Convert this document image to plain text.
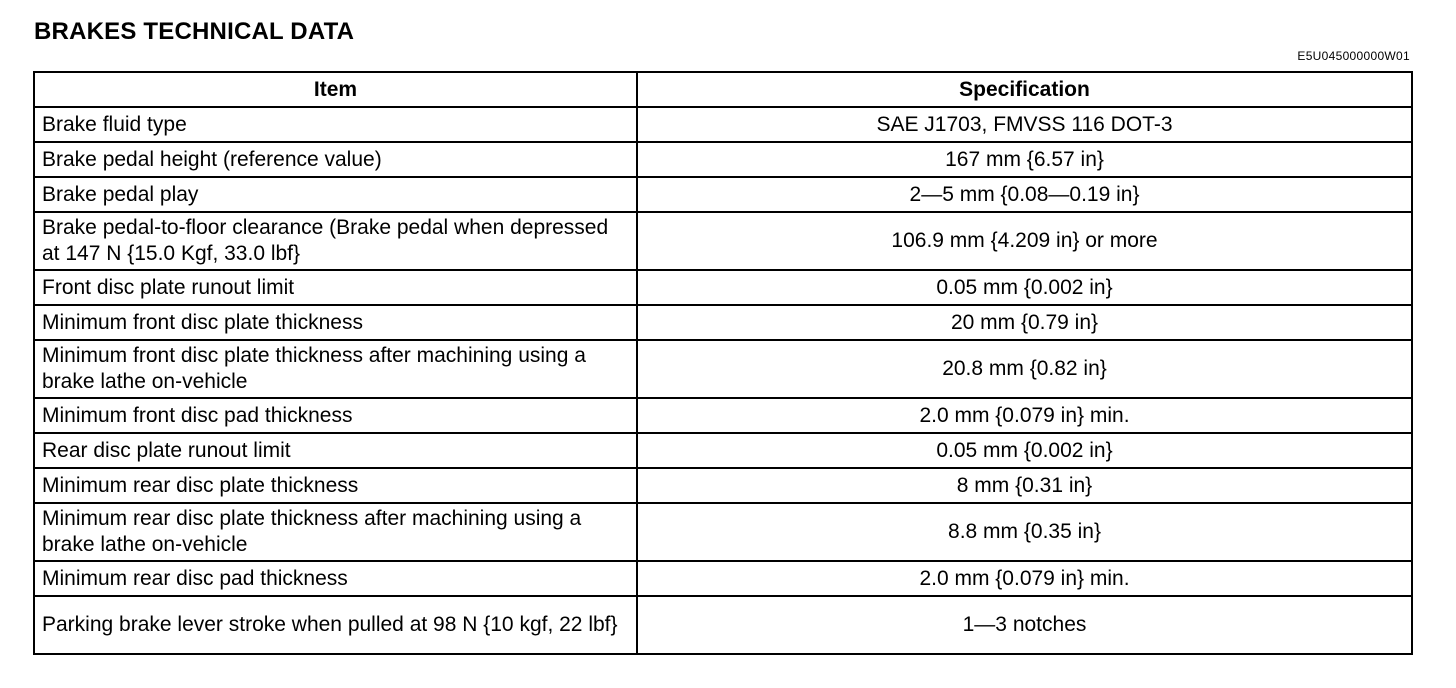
BRAKES TECHNICAL DATA
E5U045000000W01
Item	Specification
Brake fluid type	SAE J1703, FMVSS 116 DOT-3
Brake pedal height (reference value)	167 mm {6.57 in}
Brake pedal play	2—5 mm {0.08—0.19 in}
Brake pedal-to-floor clearance (Brake pedal when depressed at 147 N {15.0 Kgf, 33.0 lbf}	106.9 mm {4.209 in} or more
Front disc plate runout limit	0.05 mm {0.002 in}
Minimum front disc plate thickness	20 mm {0.79 in}
Minimum front disc plate thickness after machining using a brake lathe on-vehicle	20.8 mm {0.82 in}
Minimum front disc pad thickness	2.0 mm {0.079 in} min.
Rear disc plate runout limit	0.05 mm {0.002 in}
Minimum rear disc plate thickness	8 mm {0.31 in}
Minimum rear disc plate thickness after machining using a brake lathe on-vehicle	8.8 mm {0.35 in}
Minimum rear disc pad thickness	2.0 mm {0.079 in} min.
Parking brake lever stroke when pulled at 98 N {10 kgf, 22 lbf}	1—3 notches
